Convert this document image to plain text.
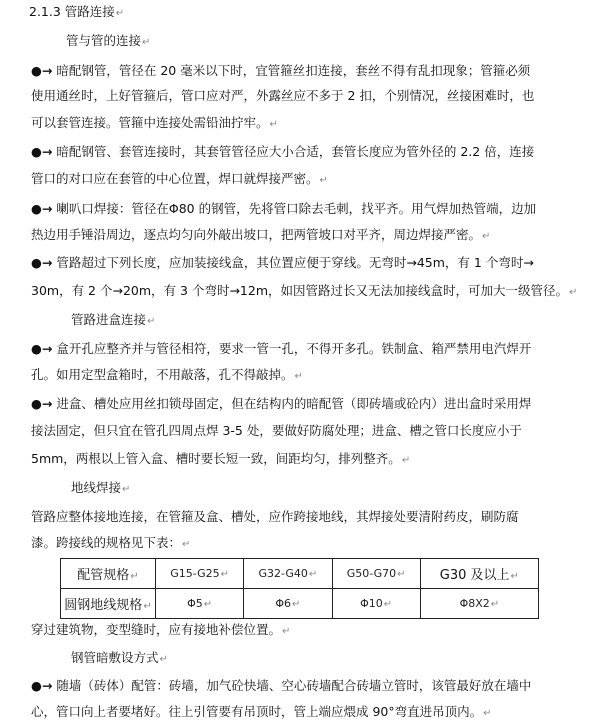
2.1.3 管路连接↵
管与管的连接↵
●→ 暗配钢管，管径在 20 毫米以下时，宜管箍丝扣连接，套丝不得有乱扣现象；管箍必须
使用通丝时，上好管箍后，管口应对严，外露丝应不多于 2 扣，个别情况，丝接困难时，也
可以套管连接。管箍中连接处需铅油拧牢。↵
●→ 暗配钢管、套管连接时，其套管管径应大小合适，套管长度应为管外径的 2.2 倍，连接
管口的对口应在套管的中心位置，焊口就焊接严密。↵
●→ 喇叭口焊接：管径在Φ80 的钢管，先将管口除去毛刺，找平齐。用气焊加热管端，边加
热边用手锤沿周边，逐点均匀向外敲出坡口，把两管坡口对平齐，周边焊接严密。↵
●→ 管路超过下列长度，应加装接线盒，其位置应便于穿线。无弯时→45m，有 1 个弯时→
30m，有 2 个→20m，有 3 个弯时→12m，如因管路过长又无法加接线盒时，可加大一级管径。↵
管路进盒连接↵
●→ 盒开孔应整齐并与管径相符，要求一管一孔，不得开多孔。铁制盒、箱严禁用电汽焊开
孔。如用定型盒箱时，不用敲落，孔不得敲掉。↵
●→ 进盒、槽处应用丝扣锁母固定，但在结构内的暗配管（即砖墙或砼内）进出盒时采用焊
接法固定，但只宜在管孔四周点焊 3-5 处，要做好防腐处理；进盒、槽之管口长度应小于
5mm，两根以上管入盒、槽时要长短一致，间距均匀，排列整齐。↵
地线焊接↵
管路应整体接地连接，在管箍及盒、槽处，应作跨接地线，其焊接处要清附药皮，刷防腐
漆。跨接线的规格见下表：↵
配管规格↵	G15-G25↵	G32-G40↵	G50-G70↵	G30 及以上↵
圆钢地线规格↵	Φ5↵	Φ6↵	Φ10↵	Φ8X2↵
穿过建筑物，变型缝时，应有接地补偿位置。↵
钢管暗敷设方式↵
●→ 随墙（砖体）配管：砖墙，加气砼快墙、空心砖墙配合砖墙立管时，该管最好放在墙中
心，管口向上者要堵好。往上引管要有吊顶时，管上端应煨成 90°弯直进吊顶内。↵
